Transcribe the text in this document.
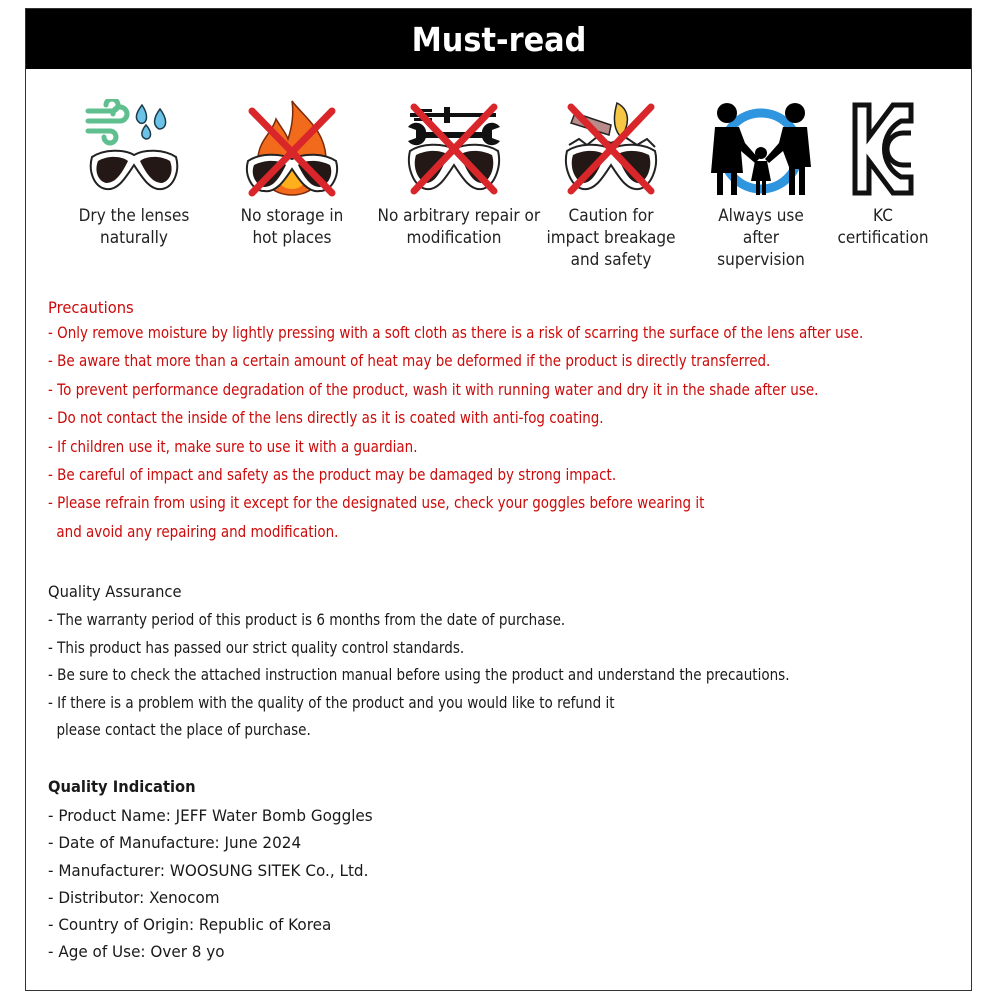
Must-read
Dry the lenses
naturally
No storage in
hot places
No arbitrary repair or
modification
Caution for
impact breakage
and safety
Always use
after
supervision
KC
certification
Precautions
- Only remove moisture by lightly pressing with a soft cloth as there is a risk of scarring the surface of the lens after use.
- Be aware that more than a certain amount of heat may be deformed if the product is directly transferred.
- To prevent performance degradation of the product, wash it with running water and dry it in the shade after use.
- Do not contact the inside of the lens directly as it is coated with anti-fog coating.
- If children use it, make sure to use it with a guardian.
- Be careful of impact and safety as the product may be damaged by strong impact.
- Please refrain from using it except for the designated use, check your goggles before wearing it
and avoid any repairing and modification.
Quality Assurance
- The warranty period of this product is 6 months from the date of purchase.
- This product has passed our strict quality control standards.
- Be sure to check the attached instruction manual before using the product and understand the precautions.
- If there is a problem with the quality of the product and you would like to refund it
please contact the place of purchase.
Quality Indication
- Product Name: JEFF Water Bomb Goggles
- Date of Manufacture: June 2024
- Manufacturer: WOOSUNG SITEK Co., Ltd.
- Distributor: Xenocom
- Country of Origin: Republic of Korea
- Age of Use: Over 8 yo
